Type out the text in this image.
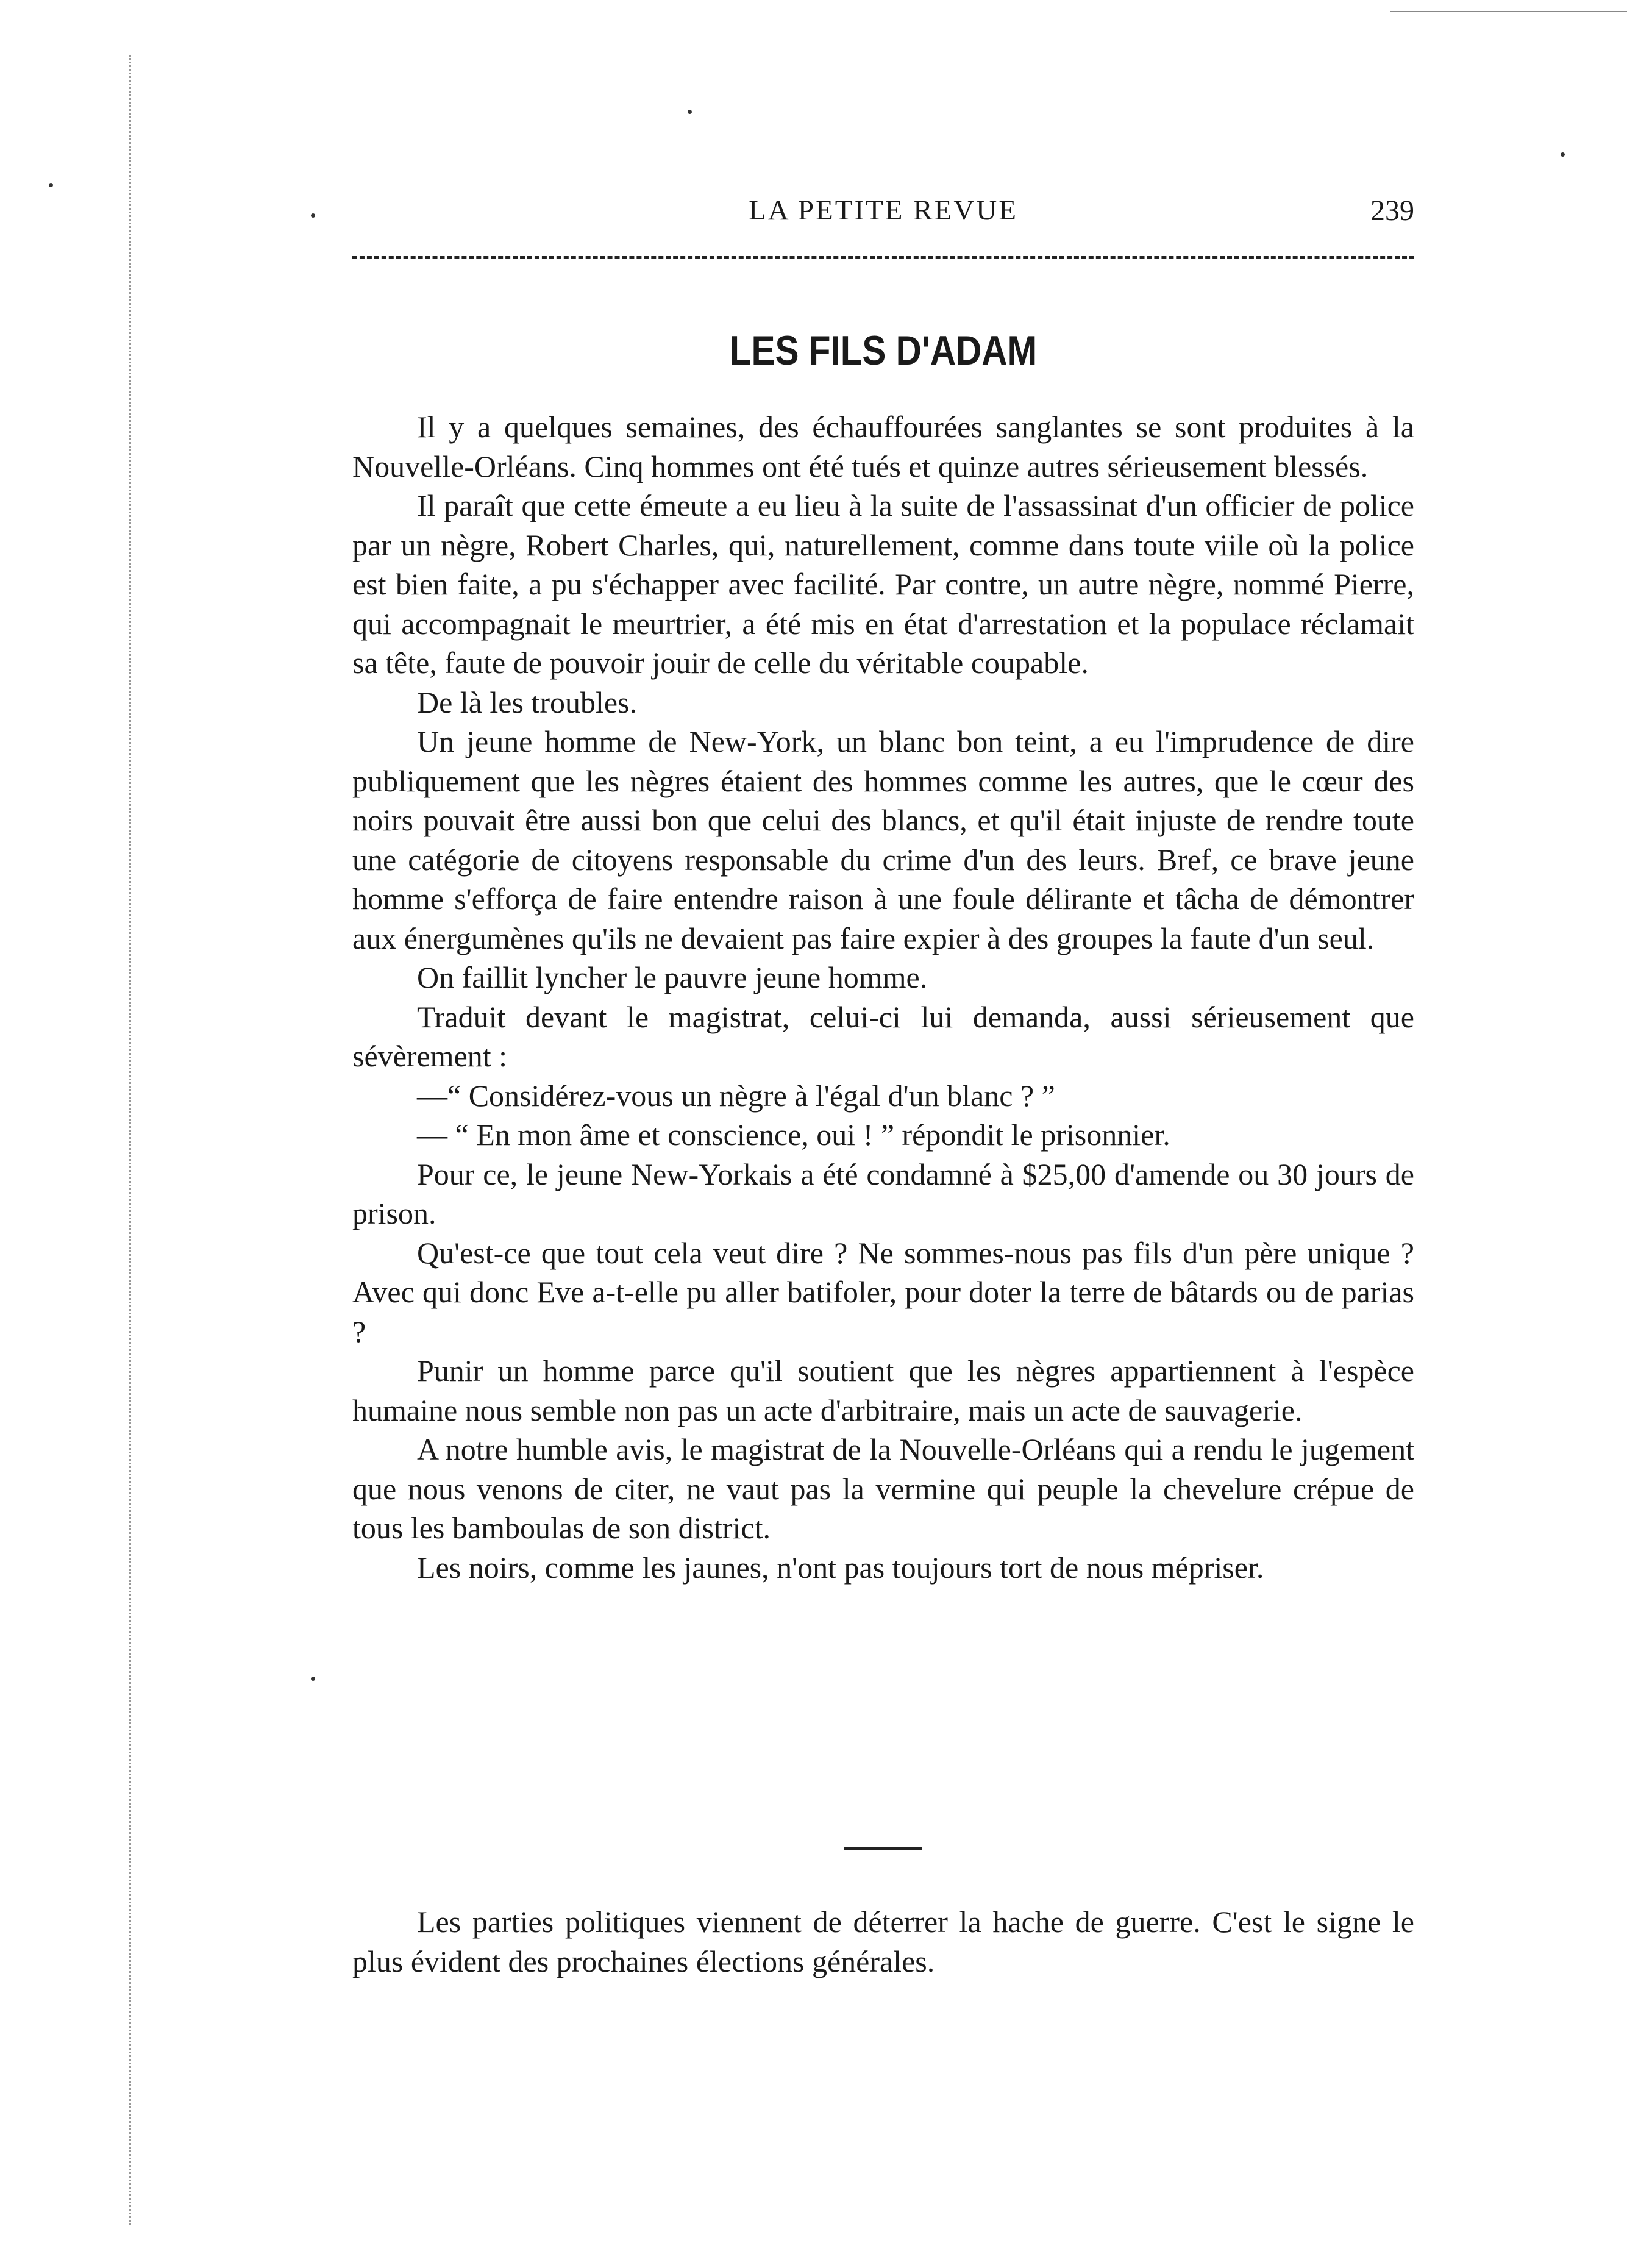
LA PETITE REVUE	239
LES FILS D'ADAM

Il y a quelques semaines, des échauffourées sanglantes se sont produites à la Nouvelle-Orléans. Cinq hommes ont été tués et quinze autres sérieusement blessés.

Il paraît que cette émeute a eu lieu à la suite de l'assassinat d'un officier de police par un nègre, Robert Charles, qui, naturellement, comme dans toute viile où la police est bien faite, a pu s'échapper avec facilité. Par contre, un autre nègre, nommé Pierre, qui accompagnait le meurtrier, a été mis en état d'arrestation et la populace réclamait sa tête, faute de pouvoir jouir de celle du véritable coupable.

De là les troubles.

Un jeune homme de New-York, un blanc bon teint, a eu l'imprudence de dire publiquement que les nègres étaient des hommes comme les autres, que le cœur des noirs pouvait être aussi bon que celui des blancs, et qu'il était injuste de rendre toute une catégorie de citoyens responsable du crime d'un des leurs. Bref, ce brave jeune homme s'efforça de faire entendre raison à une foule délirante et tâcha de démontrer aux énergumènes qu'ils ne devaient pas faire expier à des groupes la faute d'un seul.

On faillit lyncher le pauvre jeune homme.

Traduit devant le magistrat, celui-ci lui demanda, aussi sérieusement que sévèrement :

—“ Considérez-vous un nègre à l'égal d'un blanc ? ”

— “ En mon âme et conscience, oui ! ” répondit le prisonnier.

Pour ce, le jeune New-Yorkais a été condamné à $25,00 d'amende ou 30 jours de prison.

Qu'est-ce que tout cela veut dire ? Ne sommes-nous pas fils d'un père unique ? Avec qui donc Eve a-t-elle pu aller batifoler, pour doter la terre de bâtards ou de parias ?

Punir un homme parce qu'il soutient que les nègres appartiennent à l'espèce humaine nous semble non pas un acte d'arbitraire, mais un acte de sauvagerie.

A notre humble avis, le magistrat de la Nouvelle-Orléans qui a rendu le jugement que nous venons de citer, ne vaut pas la vermine qui peuple la chevelure crépue de tous les bamboulas de son district.

Les noirs, comme les jaunes, n'ont pas toujours tort de nous mépriser.

Les parties politiques viennent de déterrer la hache de guerre. C'est le signe le plus évident des prochaines élections générales.
